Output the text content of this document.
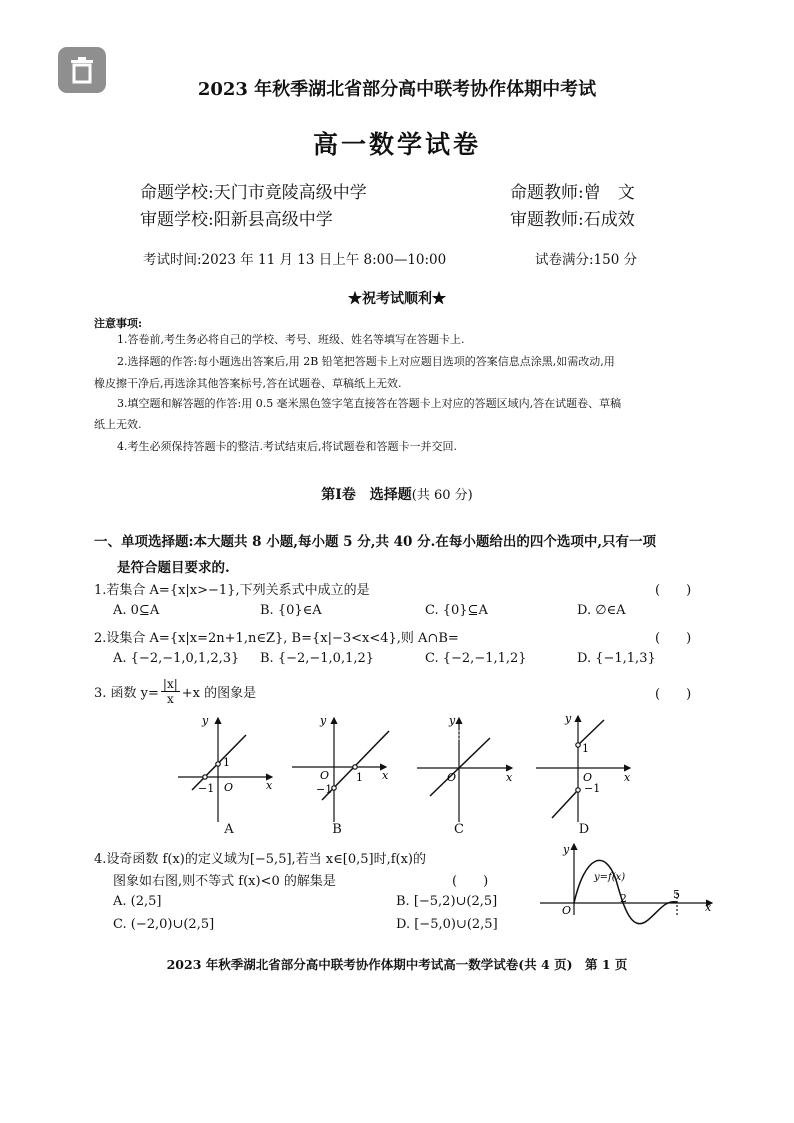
2023 年秋季湖北省部分高中联考协作体期中考试
高一数学试卷
命题学校:天门市竟陵高级中学	命题教师:曾　文
审题学校:阳新县高级中学	审题教师:石成效
考试时间:2023 年 11 月 13 日上午 8:00—10:00	试卷满分:150 分
★祝考试顺利★
注意事项:
1.答卷前,考生务必将自己的学校、考号、班级、姓名等填写在答题卡上.
2.选择题的作答:每小题选出答案后,用 2B 铅笔把答题卡上对应题目选项的答案信息点涂黑,如需改动,用
橡皮擦干净后,再选涂其他答案标号,答在试题卷、草稿纸上无效.
3.填空题和解答题的作答:用 0.5 毫米黑色签字笔直接答在答题卡上对应的答题区域内,答在试题卷、草稿
纸上无效.
4.考生必须保持答题卡的整洁.考试结束后,将试题卷和答题卡一并交回.
第Ⅰ卷　选择题(共 60 分)
一、单项选择题:本大题共 8 小题,每小题 5 分,共 40 分.在每小题给出的四个选项中,只有一项
是符合题目要求的.
1.若集合 A={x|x>−1},下列关系式中成立的是	(　　)
A. 0⊆A	B. {0}∈A	C. {0}⊆A	D. ∅∈A
2.设集合 A={x|x=2n+1,n∈Z}, B={x|−3<x<4},则 A∩B=	(　　)
A. {−2,−1,0,1,2,3} B. {−2,−1,0,1,2}	C. {−2,−1,1,2}	D. {−1,1,3}
3. 函数 $y= \frac{|x|}{x} +x$ 的图象是	(　　)
y
x
1
−1 O
y
x
O 1
−1
y
x
O
y
x
1
O
−1
y
x
O
y=f(x)
2	5
A	B	C	D
4.设奇函数 f(x)的定义域为[−5,5],若当 x∈[0,5]时,f(x)的
图象如右图,则不等式 f(x)<0 的解集是	(　　)
A. (2,5]	B. [−5,2)∪(2,5]
C. (−2,0)∪(2,5]	D. [−5,0)∪(2,5]
2023 年秋季湖北省部分高中联考协作体期中考试高一数学试卷(共 4 页)　第 1 页
